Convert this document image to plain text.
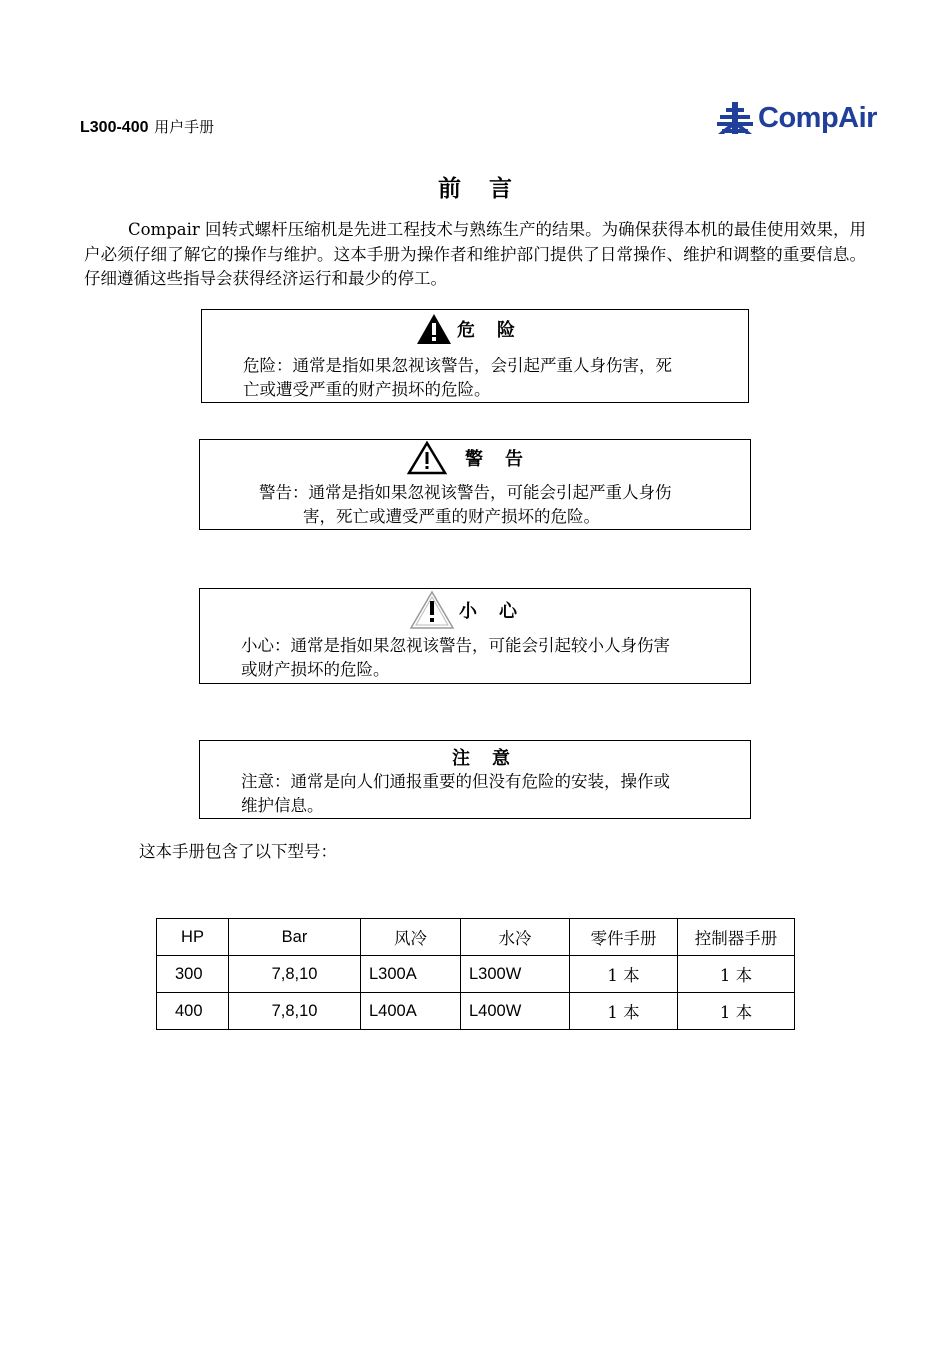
L300-400 用户手册	CompAir
前言
Compair 回转式螺杆压缩机是先进工程技术与熟练生产的结果。为确保获得本机的最佳使用效果，用户必须仔细了解它的操作与维护。这本手册为操作者和维护部门提供了日常操作、维护和调整的重要信息。仔细遵循这些指导会获得经济运行和最少的停工。
危险
危险：通常是指如果忽视该警告，会引起严重人身伤害，死
亡或遭受严重的财产损坏的危险。
警告
警告：通常是指如果忽视该警告，可能会引起严重人身伤
害，死亡或遭受严重的财产损坏的危险。
小心
小心：通常是指如果忽视该警告，可能会引起较小人身伤害
或财产损坏的危险。
注意
注意：通常是向人们通报重要的但没有危险的安装，操作或
维护信息。
这本手册包含了以下型号：
HP	Bar	风冷	水冷	零件手册	控制器手册
300	7,8,10	L300A	L300W	1 本	1 本
400	7,8,10	L400A	L400W	1 本	1 本
